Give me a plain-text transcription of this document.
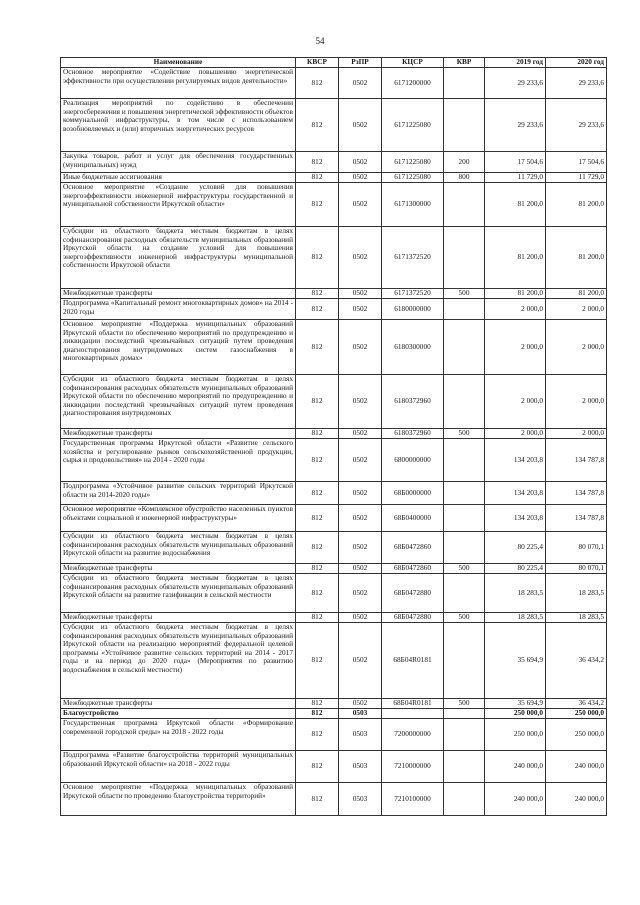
54
Наименование	КВСР	РзПР	КЦСР	КВР	2019 год	2020 год
Основное мероприятие «Содействие повышению энергетической эффективности при осуществлении регулируемых видов деятельности»	812	0502	6171200000		29 233,6	29 233,6
Реализация мероприятий по содействию в обеспечении энергосбережения и повышения энергетической эффективности объектов коммунальной инфраструктуры, в том числе с использованием возобновляемых и (или) вторичных энергетических ресурсов	812	0502	6171225080		29 233,6	29 233,6
Закупка товаров, работ и услуг для обеспечения государственных (муниципальных) нужд	812	0502	6171225080	200	17 504,6	17 504,6
Иные бюджетные ассигнования	812	0502	6171225080	800	11 729,0	11 729,0
Основное мероприятие «Создание условий для повышения энергоэффективности инженерной инфраструктуры государственной и муниципальной собственности Иркутской области»	812	0502	6171300000		81 200,0	81 200,0
Субсидии из областного бюджета местным бюджетам в целях софинансирования расходных обязательств муниципальных образований Иркутской области на создание условий для повышения энергоэффективности инженерной инфраструктуры муниципальной собственности Иркутской области	812	0502	6171372520		81 200,0	81 200,0
Межбюджетные трансферты	812	0502	6171372520	500	81 200,0	81 200,0
Подпрограмма «Капитальный ремонт многоквартирных домов» на 2014 - 2020 годы	812	0502	6180000000		2 000,0	2 000,0
Основное мероприятие «Поддержка муниципальных образований Иркутской области по обеспечению мероприятий по предупреждению и ликвидации последствий чрезвычайных ситуаций путем проведения диагностирования внутридомовых систем газоснабжения в многоквартирных домах»	812	0502	6180300000		2 000,0	2 000,0
Субсидии из областного бюджета местным бюджетам в целях софинансирования расходных обязательств муниципальных образований Иркутской области по обеспечению мероприятий по предупреждению и ликвидации последствий чрезвычайных ситуаций путем проведения диагностирования внутридомовых	812	0502	6180372960		2 000,0	2 000,0
Межбюджетные трансферты	812	0502	6180372960	500	2 000,0	2 000,0
Государственная программа Иркутской области «Развитие сельского хозяйства и регулирование рынков сельскохозяйственной продукции, сырья и продовольствия» на 2014 - 2020 годы	812	0502	6800000000		134 203,8	134 787,8
Подпрограмма «Устойчивое развитие сельских территорий Иркутской области на 2014-2020 годы»	812	0502	68Б0000000		134 203,8	134 787,8
Основное мероприятие «Комплексное обустройство населенных пунктов объектами социальной и инженерной инфраструктуры»	812	0502	68Б0400000		134 203,8	134 787,8
Субсидии из областного бюджета местным бюджетам в целях софинансирования расходных обязательств муниципальных образований Иркутской области на развитие водоснабжения	812	0502	68Б0472860		80 225,4	80 070,1
Межбюджетные трансферты	812	0502	68Б0472860	500	80 225,4	80 070,1
Субсидии из областного бюджета местным бюджетам в целях софинансирования расходных обязательств муниципальных образований Иркутской области на развитие газификации в сельской местности	812	0502	68Б0472880		18 283,5	18 283,5
Межбюджетные трансферты	812	0502	68Б0472880	500	18 283,5	18 283,5
Субсидии из областного бюджета местным бюджетам в целях софинансирования расходных обязательств муниципальных образований Иркутской области на реализацию мероприятий федеральной целевой программы «Устойчивое развитие сельских территорий на 2014 - 2017 годы и на период до 2020 года» (Мероприятия по развитию водоснабжения в сельской местности)	812	0502	68Б04R0181		35 694,9	36 434,2
Межбюджетные трансферты	812	0502	68Б04R0181	500	35 694,9	36 434,2
Благоустройство	812	0503			250 000,0	250 000,0
Государственная программа Иркутской области «Формирование современной городской среды» на 2018 - 2022 годы	812	0503	7200000000		250 000,0	250 000,0
Подпрограмма «Развитие благоустройства территорий муниципальных образований Иркутской области» на 2018 - 2022 годы	812	0503	7210000000		240 000,0	240 000,0
Основное мероприятие «Поддержка муниципальных образований Иркутской области по проведению благоустройства территорий»	812	0503	7210100000		240 000,0	240 000,0
